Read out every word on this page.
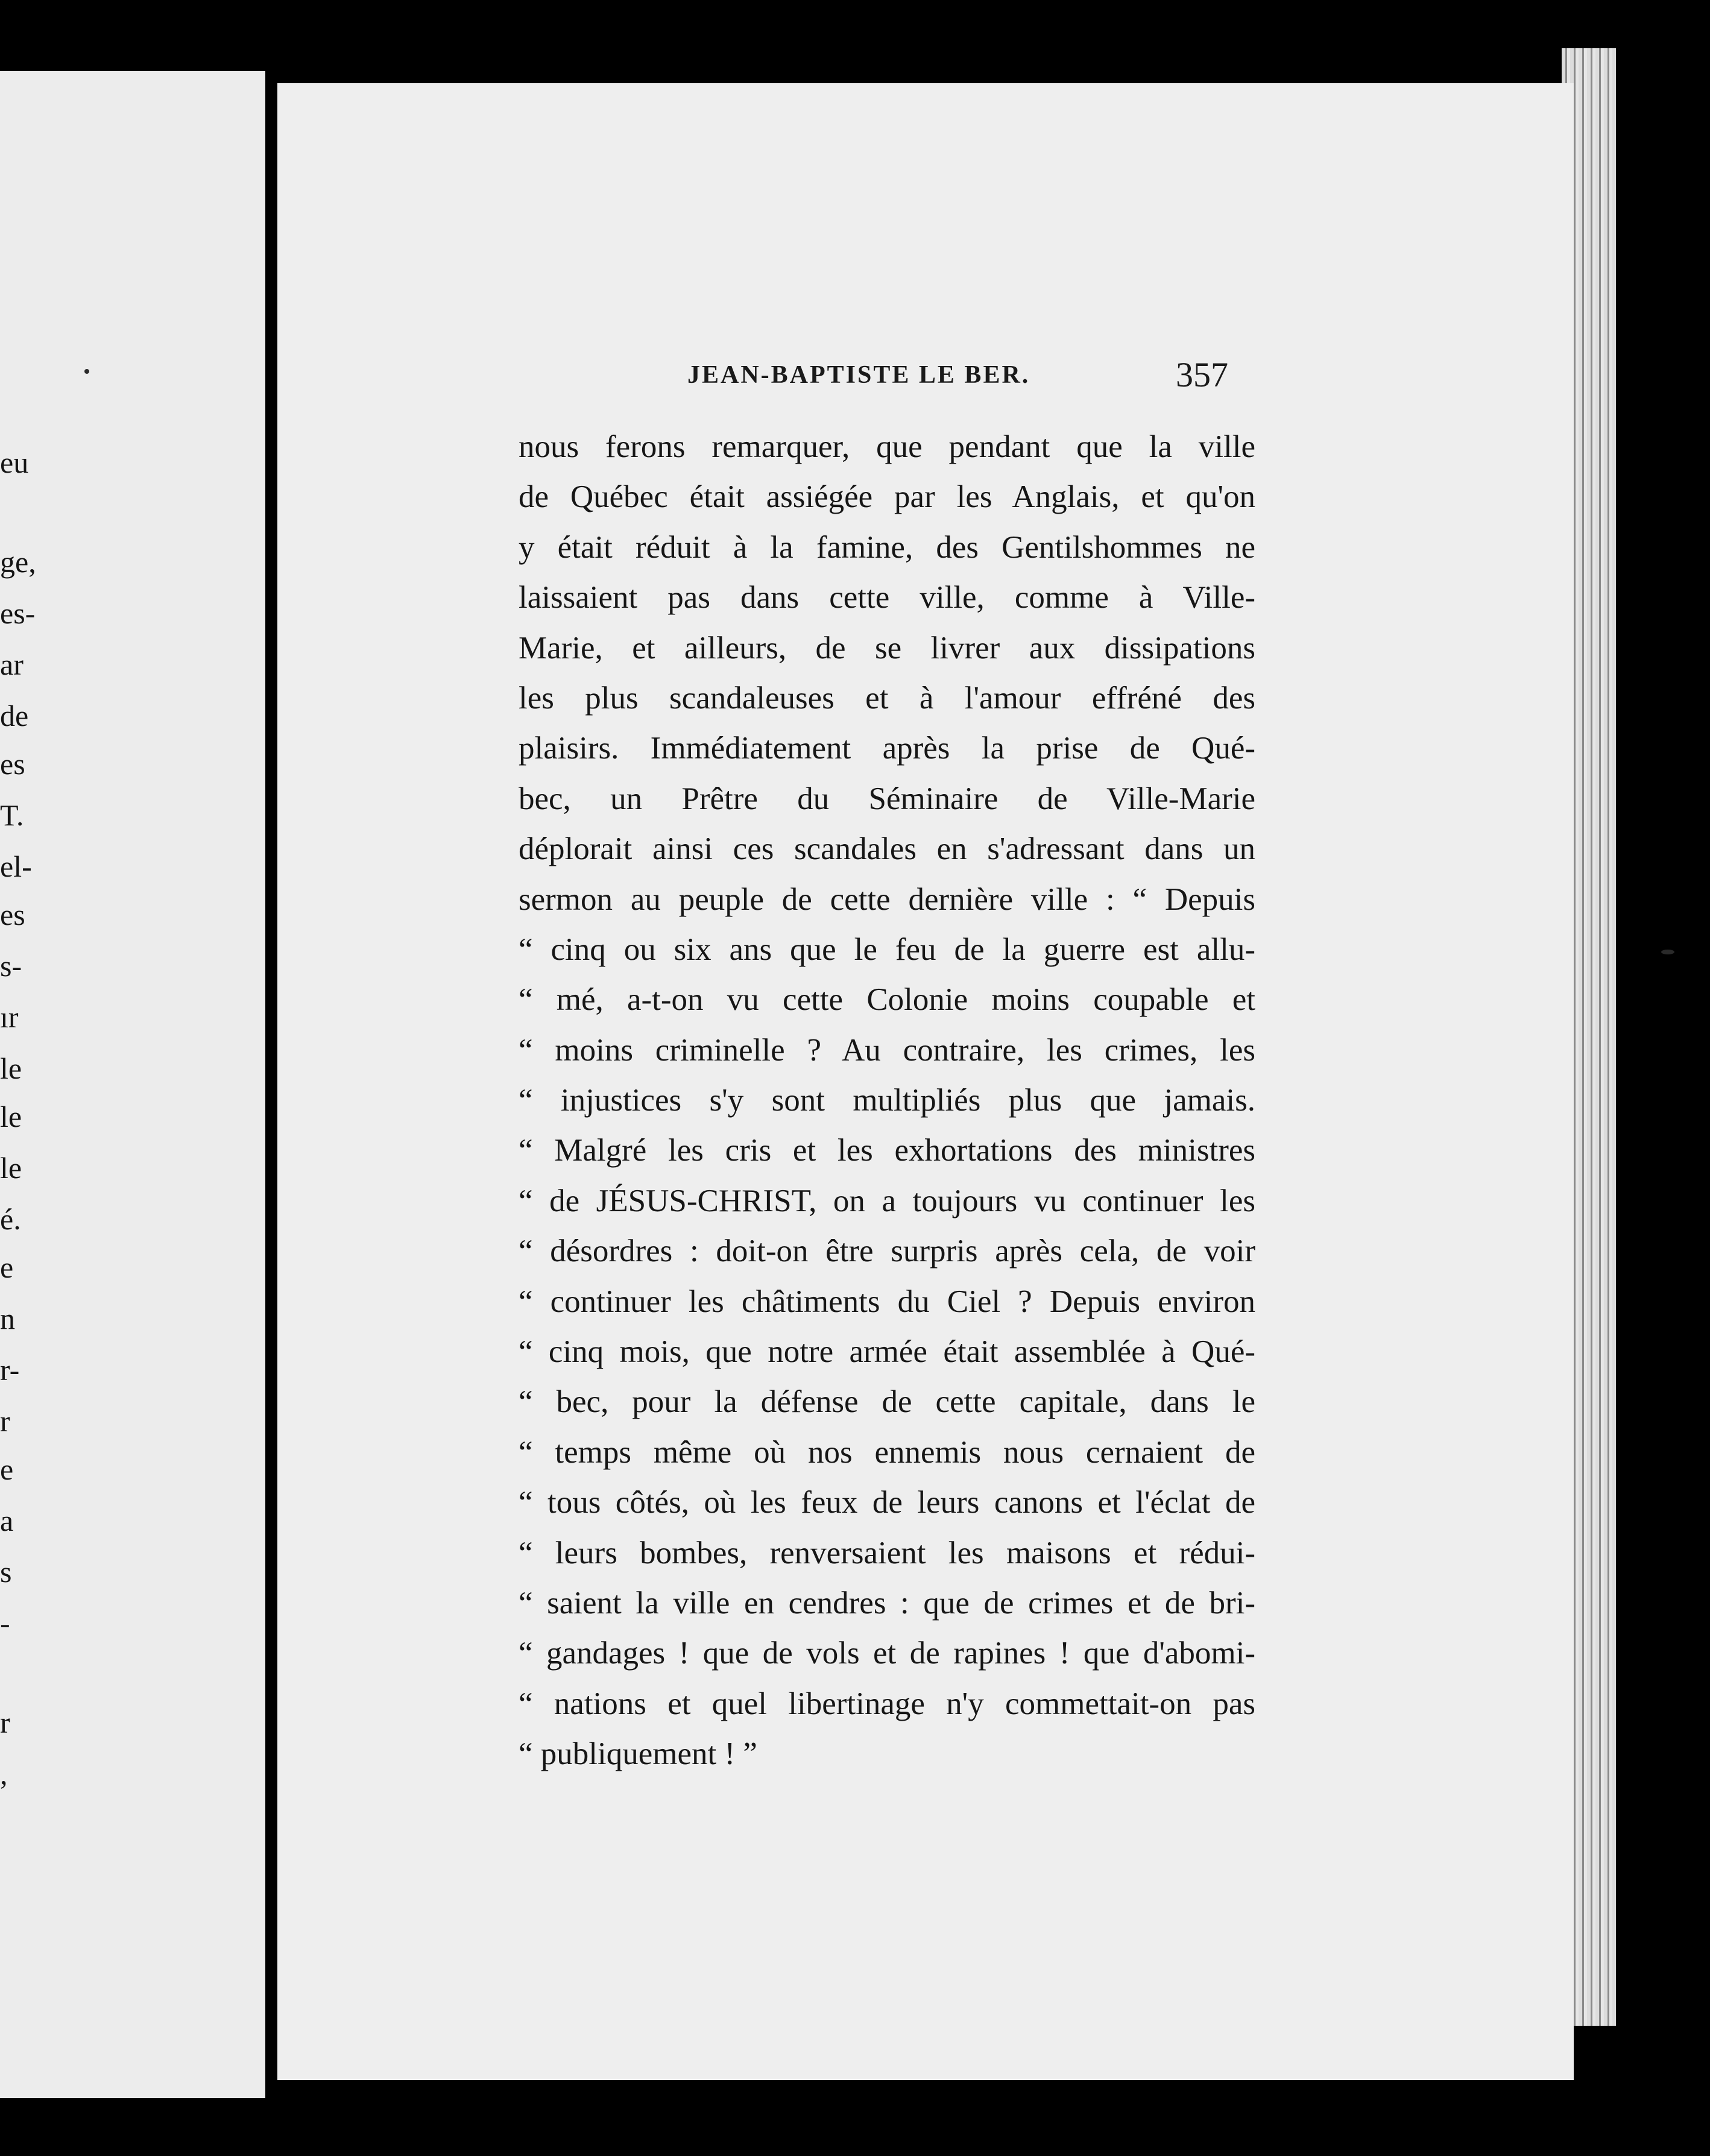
eu
ge,
es-
ar
de
es
T.
el-
es
s-
ır
le
le
le
é.
e
n
r-
r
e
a
s
-
r
,
JEAN-BAPTISTE LE BER.	357
nous ferons remarquer, que pendant que la ville
de Québec était assiégée par les Anglais, et qu'on
y était réduit à la famine, des Gentilshommes ne
laissaient pas dans cette ville, comme à Ville-
Marie, et ailleurs, de se livrer aux dissipations
les plus scandaleuses et à l'amour effréné des
plaisirs. Immédiatement après la prise de Qué-
bec, un Prêtre du Séminaire de Ville-Marie
déplorait ainsi ces scandales en s'adressant dans un
sermon au peuple de cette dernière ville : “ Depuis
“ cinq ou six ans que le feu de la guerre est allu-
“ mé, a-t-on vu cette Colonie moins coupable et
“ moins criminelle ? Au contraire, les crimes, les
“ injustices s'y sont multipliés plus que jamais.
“ Malgré les cris et les exhortations des ministres
“ de JÉSUS-CHRIST, on a toujours vu continuer les
“ désordres : doit-on être surpris après cela, de voir
“ continuer les châtiments du Ciel ? Depuis environ
“ cinq mois, que notre armée était assemblée à Qué-
“ bec, pour la défense de cette capitale, dans le
“ temps même où nos ennemis nous cernaient de
“ tous côtés, où les feux de leurs canons et l'éclat de
“ leurs bombes, renversaient les maisons et rédui-
“ saient la ville en cendres : que de crimes et de bri-
“ gandages ! que de vols et de rapines ! que d'abomi-
“ nations et quel libertinage n'y commettait-on pas
“ publiquement ! ”
